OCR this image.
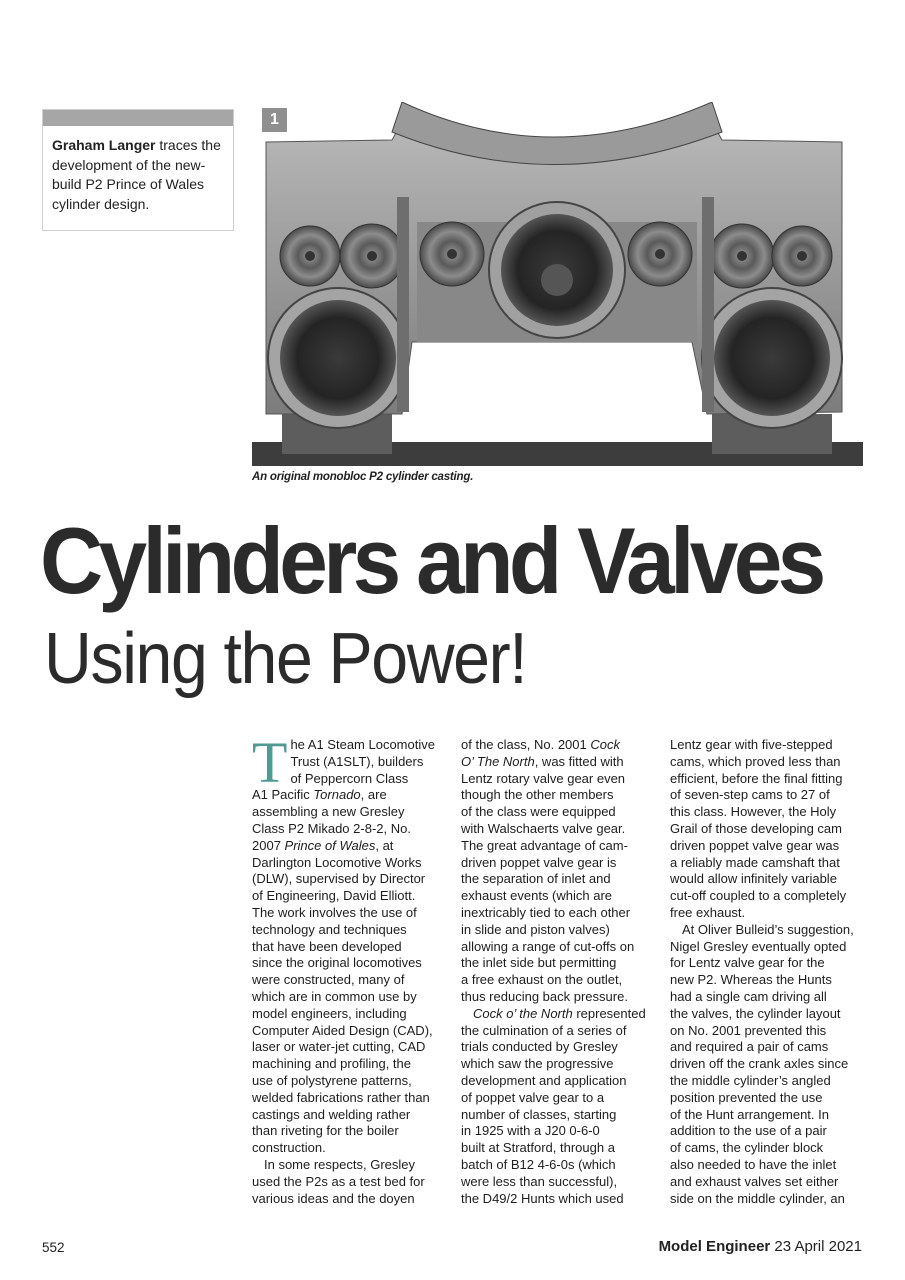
Graham Langer traces the development of the new-build P2 Prince of Wales cylinder design.

1
An original monobloc P2 cylinder casting.
Cylinders and Valves
Using the Power!

T he A1 Steam Locomotive
Trust (A1SLT), builders
of Peppercorn Class
A1 Pacific Tornado, are
assembling a new Gresley
Class P2 Mikado 2-8-2, No.
2007 Prince of Wales, at
Darlington Locomotive Works
(DLW), supervised by Director
of Engineering, David Elliott.
The work involves the use of
technology and techniques
that have been developed
since the original locomotives
were constructed, many of
which are in common use by
model engineers, including
Computer Aided Design (CAD),
laser or water-jet cutting, CAD
machining and profiling, the
use of polystyrene patterns,
welded fabrications rather than
castings and welding rather
than riveting for the boiler
construction.

In some respects, Gresley
used the P2s as a test bed for
various ideas and the doyen

of the class, No. 2001 Cock
O’ The North, was fitted with
Lentz rotary valve gear even
though the other members
of the class were equipped
with Walschaerts valve gear.
The great advantage of cam-
driven poppet valve gear is
the separation of inlet and
exhaust events (which are
inextricably tied to each other
in slide and piston valves)
allowing a range of cut-offs on
the inlet side but permitting
a free exhaust on the outlet,
thus reducing back pressure.

Cock o’ the North represented
the culmination of a series of
trials conducted by Gresley
which saw the progressive
development and application
of poppet valve gear to a
number of classes, starting
in 1925 with a J20 0-6-0
built at Stratford, through a
batch of B12 4-6-0s (which
were less than successful),
the D49/2 Hunts which used

Lentz gear with five-stepped
cams, which proved less than
efficient, before the final fitting
of seven-step cams to 27 of
this class. However, the Holy
Grail of those developing cam
driven poppet valve gear was
a reliably made camshaft that
would allow infinitely variable
cut-off coupled to a completely
free exhaust.

At Oliver Bulleid’s suggestion,
Nigel Gresley eventually opted
for Lentz valve gear for the
new P2. Whereas the Hunts
had a single cam driving all
the valves, the cylinder layout
on No. 2001 prevented this
and required a pair of cams
driven off the crank axles since
the middle cylinder’s angled
position prevented the use
of the Hunt arrangement. In
addition to the use of a pair
of cams, the cylinder block
also needed to have the inlet
and exhaust valves set either
side on the middle cylinder, an

552	Model Engineer 23 April 2021
